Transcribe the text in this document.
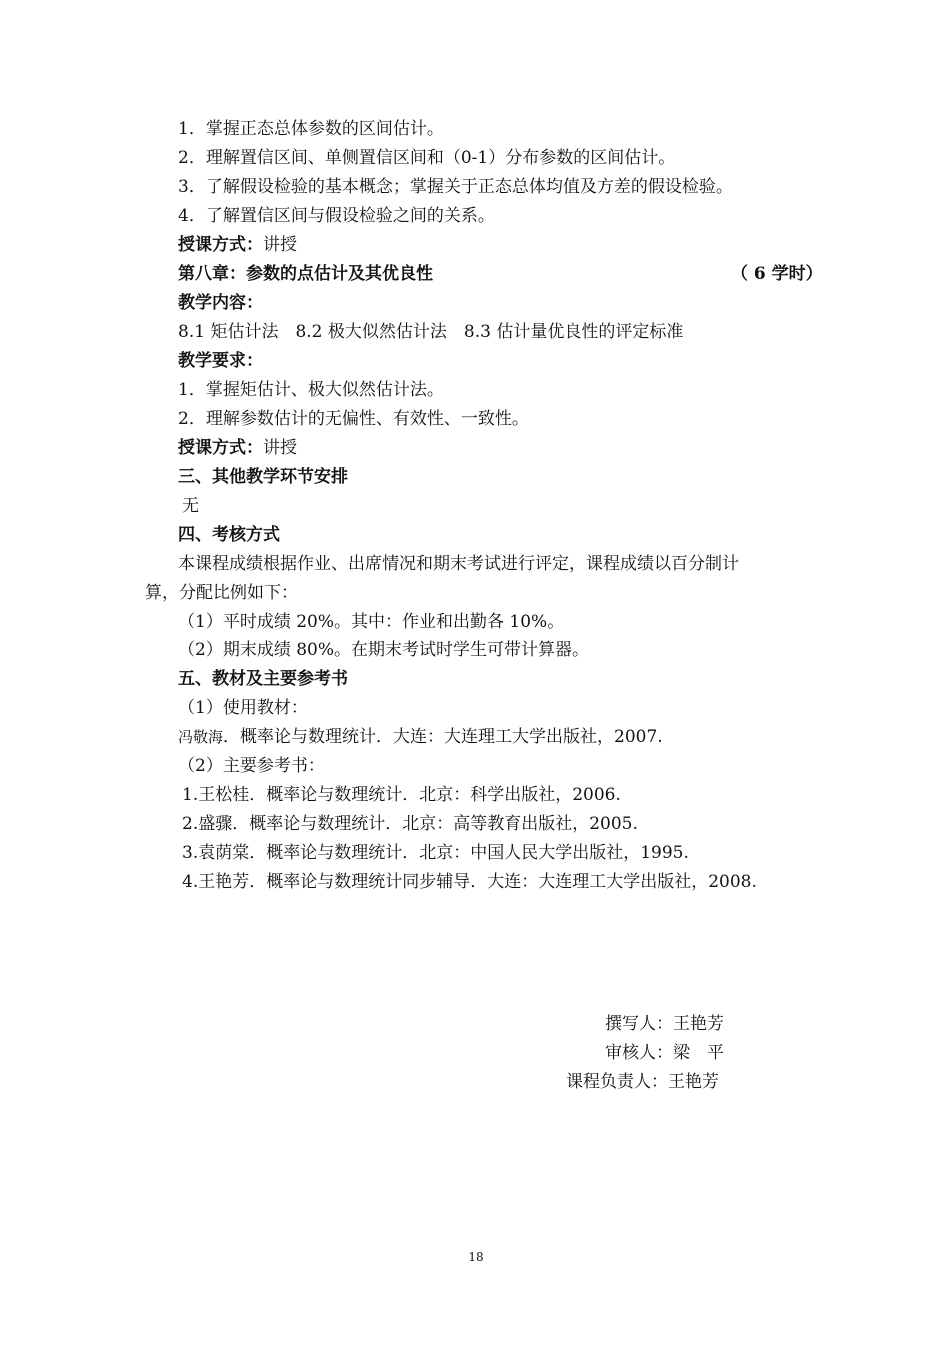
1．掌握正态总体参数的区间估计。
2．理解置信区间、单侧置信区间和（0-1）分布参数的区间估计。
3．了解假设检验的基本概念；掌握关于正态总体均值及方差的假设检验。
4．了解置信区间与假设检验之间的关系。
授课方式：讲授
第八章：参数的点估计及其优良性	（ 6 学时）
教学内容：
8.1 矩估计法　8.2 极大似然估计法　8.3 估计量优良性的评定标准
教学要求：
1．掌握矩估计、极大似然估计法。
2．理解参数估计的无偏性、有效性、一致性。
授课方式：讲授
三、其他教学环节安排
无
四、考核方式
本课程成绩根据作业、出席情况和期末考试进行评定，课程成绩以百分制计
算，分配比例如下：
（1）平时成绩 20%。其中：作业和出勤各 10%。
（2）期末成绩 80%。在期末考试时学生可带计算器。
五、教材及主要参考书
（1）使用教材：
冯敬海．概率论与数理统计．大连：大连理工大学出版社，2007.
（2）主要参考书：
1.王松桂．概率论与数理统计．北京：科学出版社，2006.
2.盛骤．概率论与数理统计．北京：高等教育出版社，2005.
3.袁荫棠．概率论与数理统计．北京：中国人民大学出版社，1995.
4.王艳芳．概率论与数理统计同步辅导．大连：大连理工大学出版社，2008.
撰写人：王艳芳
审核人：梁　平
课程负责人：王艳芳
18
